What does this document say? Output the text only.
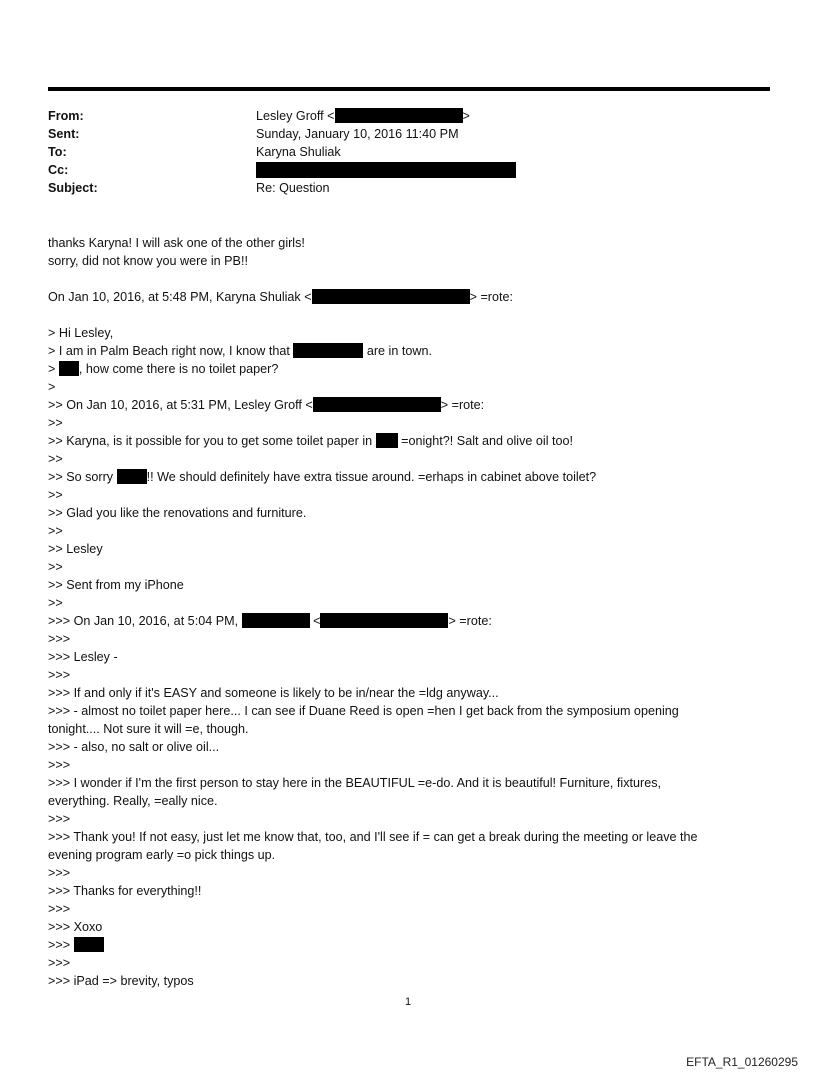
From:	Lesley Groff <	>
Sent:	Sunday, January 10, 2016 11:40 PM
To:	Karyna Shuliak
Cc:
Subject:	Re: Question
thanks Karyna! I will ask one of the other girls!
sorry, did not know you were in PB!!
On Jan 10, 2016, at 5:48 PM, Karyna Shuliak <	> =rote:
> Hi Lesley,
> I am in Palm Beach right now, I know that	are in town.
> , how come there is no toilet paper?
>
>> On Jan 10, 2016, at 5:31 PM, Lesley Groff <	> =rote:
>>
>> Karyna, is it possible for you to get some toilet paper in  =onight?! Salt and olive oil too!
>>
>> So sorry !! We should definitely have extra tissue around. =erhaps in cabinet above toilet?
>>
>> Glad you like the renovations and furniture.
>>
>> Lesley
>>
>> Sent from my iPhone
>>
>>> On Jan 10, 2016, at 5:04 PM,	<	> =rote:
>>>
>>> Lesley -
>>>
>>> If and only if it's EASY and someone is likely to be in/near the =ldg anyway...
>>> - almost no toilet paper here... I can see if Duane Reed is open =hen I get back from the symposium opening
tonight.... Not sure it will =e, though.
>>> - also, no salt or olive oil...
>>>
>>> I wonder if I'm the first person to stay here in the BEAUTIFUL =e-do. And it is beautiful! Furniture, fixtures,
everything. Really, =eally nice.
>>>
>>> Thank you! If not easy, just let me know that, too, and I'll see if = can get a break during the meeting or leave the
evening program early =o pick things up.
>>>
>>> Thanks for everything!!
>>>
>>> Xoxo
>>>
>>>
>>> iPad => brevity, typos
1
EFTA_R1_01260295
